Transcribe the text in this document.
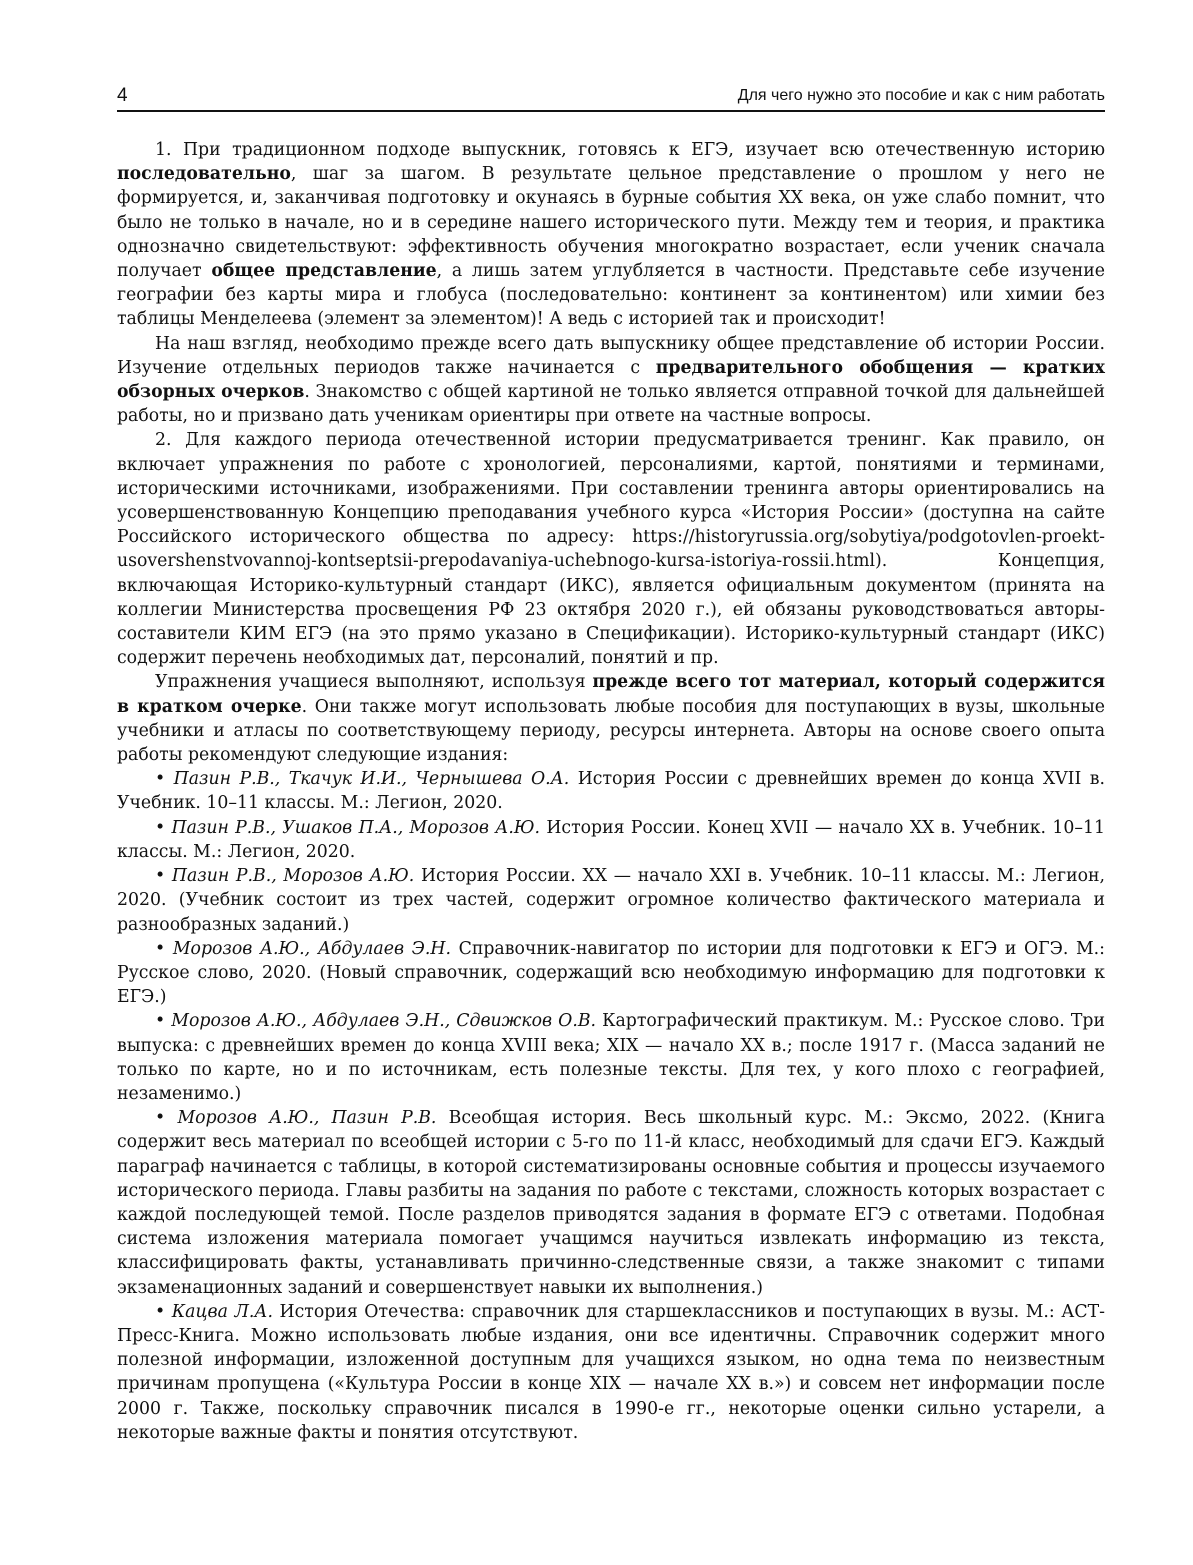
4	Для чего нужно это пособие и как с ним работать

1. При традиционном подходе выпускник, готовясь к ЕГЭ, изучает всю отечественную историю последовательно, шаг за шагом. В результате цельное представление о прошлом у него не формируется, и, заканчивая подготовку и окунаясь в бурные события XX века, он уже слабо помнит, что было не только в начале, но и в середине нашего исторического пути. Между тем и теория, и практика однозначно свидетельствуют: эффективность обучения многократно возрастает, если ученик сначала получает общее представление, а лишь затем углубляется в частности. Представьте себе изучение географии без карты мира и глобуса (последовательно: континент за континентом) или химии без таблицы Менделеева (элемент за элементом)! А ведь с историей так и происходит!

На наш взгляд, необходимо прежде всего дать выпускнику общее представление об истории России. Изучение отдельных периодов также начинается с предварительного обобщения — кратких обзорных очерков. Знакомство с общей картиной не только является отправной точкой для дальнейшей работы, но и призвано дать ученикам ориентиры при ответе на частные вопросы.

2. Для каждого периода отечественной истории предусматривается тренинг. Как правило, он включает упражнения по работе с хронологией, персоналиями, картой, понятиями и терминами, историческими источниками, изображениями. При составлении тренинга авторы ориентировались на усовершенствованную Концепцию преподавания учебного курса «История России» (доступна на сайте Российского исторического общества по адресу: https://historyrussia.org/sobytiya/podgotovlen-proekt-usovershenstvovannoj-kontseptsii-prepodavaniya-uchebnogo-kursa-istoriya-rossii.html). Концепция, включающая Историко-культурный стандарт (ИКС), является официальным документом (принята на коллегии Министерства просвещения РФ 23 октября 2020 г.), ей обязаны руководствоваться авторы-составители КИМ ЕГЭ (на это прямо указано в Спецификации). Историко-культурный стандарт (ИКС) содержит перечень необходимых дат, персоналий, понятий и пр.

Упражнения учащиеся выполняют, используя прежде всего тот материал, который содержится в кратком очерке. Они также могут использовать любые пособия для поступающих в вузы, школьные учебники и атласы по соответствующему периоду, ресурсы интернета. Авторы на основе своего опыта работы рекомендуют следующие издания:

• Пазин Р.В., Ткачук И.И., Чернышева О.А. История России с древнейших времен до конца XVII в. Учебник. 10–11 классы. М.: Легион, 2020.

• Пазин Р.В., Ушаков П.А., Морозов А.Ю. История России. Конец XVII — начало XX в. Учебник. 10–11 классы. М.: Легион, 2020.

• Пазин Р.В., Морозов А.Ю. История России. XX — начало XXI в. Учебник. 10–11 классы. М.: Легион, 2020. (Учебник состоит из трех частей, содержит огромное количество фактического материала и разнообразных заданий.)

• Морозов А.Ю., Абдулаев Э.Н. Справочник-навигатор по истории для подготовки к ЕГЭ и ОГЭ. М.: Русское слово, 2020. (Новый справочник, содержащий всю необходимую информацию для подготовки к ЕГЭ.)

• Морозов А.Ю., Абдулаев Э.Н., Сдвижков О.В. Картографический практикум. М.: Русское слово. Три выпуска: с древнейших времен до конца XVIII века; XIX — начало XX в.; после 1917 г. (Масса заданий не только по карте, но и по источникам, есть полезные тексты. Для тех, у кого плохо с географией, незаменимо.)

• Морозов А.Ю., Пазин Р.В. Всеобщая история. Весь школьный курс. М.: Эксмо, 2022. (Книга содержит весь материал по всеобщей истории с 5-го по 11-й класс, необходимый для сдачи ЕГЭ. Каждый параграф начинается с таблицы, в которой систематизированы основные события и процессы изучаемого исторического периода. Главы разбиты на задания по работе с текстами, сложность которых возрастает с каждой последующей темой. После разделов приводятся задания в формате ЕГЭ с ответами. Подобная система изложения материала помогает учащимся научиться извлекать информацию из текста, классифицировать факты, устанавливать причинно-следственные связи, а также знакомит с типами экзаменационных заданий и совершенствует навыки их выполнения.)

• Кацва Л.А. История Отечества: справочник для старшеклассников и поступающих в вузы. М.: АСТ-Пресс-Книга. Можно использовать любые издания, они все идентичны. Справочник содержит много полезной информации, изложенной доступным для учащихся языком, но одна тема по неизвестным причинам пропущена («Культура России в конце XIX — начале XX в.») и совсем нет информации после 2000 г. Также, поскольку справочник писался в 1990-е гг., некоторые оценки сильно устарели, а некоторые важные факты и понятия отсутствуют.
